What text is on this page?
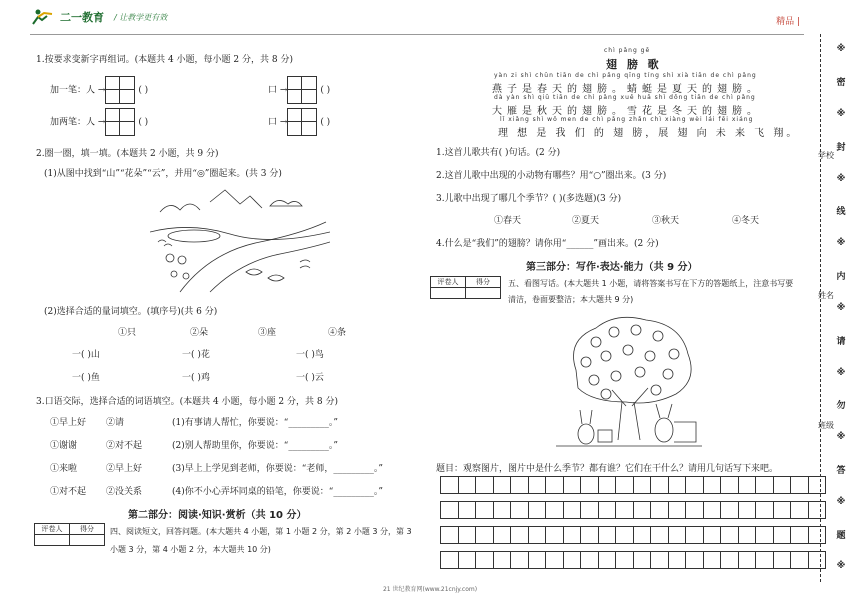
二一教育 / 让教学更有效	精品 |
※
密
※
封
※
线
※
内
※
请
※
勿
※
答
※
题
※
学校
姓名
班级
1.按要求变新字再组词。(本题共 4 小题，每小题 2 分，共 8 分)
加一笔：人 →	( )	口 →	( )
加两笔：人 →	( )	口 →	( )
2.圈一圈，填一填。(本题共 2 小题，共 9 分)
(1)从图中找到“山”“花朵”“云”，并用“◎”圈起来。(共 3 分)
(2)选择合适的量词填空。(填序号)(共 6 分)
①只	②朵	③座	④条
一( )山	一( )花	一( )鸟
一( )鱼	一( )鸡	一( )云
3.口语交际，选择合适的词语填空。(本题共 4 小题，每小题 2 分，共 8 分)
①早上好 ②请	(1)有事请人帮忙，你要说：“_________。”
①谢谢	②对不起	(2)别人帮助里你，你要说：“_________。”
①来啦	②早上好	(3)早上上学见到老师，你要说：“老师，_________。”
①对不起 ②没关系	(4)你不小心弄坏同桌的铅笔，你要说：“_________。”
第二部分：阅读·知识·赏析（共 10 分）
评卷人	得分
	四、阅读短文，回答问题。(本大题共 4 小题，第 1 小题 2 分，第 2 小题 3 分，第 3
小题 3 分，第 4 小题 2 分，本大题共 10 分)
chì pǎng gē
翅 膀 歌
yàn zi shì chūn tiān de chì pǎng qīng tíng shì xià tiān de chì pǎng
燕子是春天的翅膀。蜻蜓是夏天的翅膀。
dà yàn shì qiū tiān de chì pǎng xuě huā shì dōng tiān de chì pǎng
大雁是秋天的翅膀。雪花是冬天的翅膀。
lǐ xiǎng shì wǒ men de chì pǎng zhǎn chì xiàng wèi lái fēi xiáng
理 想 是 我 们 的 翅 膀，展 翅 向 未 来 飞 翔。
1.这首儿歌共有( )句话。(2 分)
2.这首儿歌中出现的小动物有哪些？用“○”圈出来。(3 分)
3.儿歌中出现了哪几个季节？( )(多选题)(3 分)
①春天	②夏天	③秋天	④冬天
4.什么是“我们”的翅膀？请你用“______”画出来。(2 分)
第三部分：写作·表达·能力（共 9 分）
评卷人	得分
	五、看图写话。(本大题共 1 小题，请将答案书写在下方的答题纸上，注意书写要
清洁，卷面要整洁；本大题共 9 分)
题目：观察图片，图片中是什么季节？都有谁？它们在干什么？请用几句话写下来吧。

21 世纪教育网(www.21cnjy.com)
